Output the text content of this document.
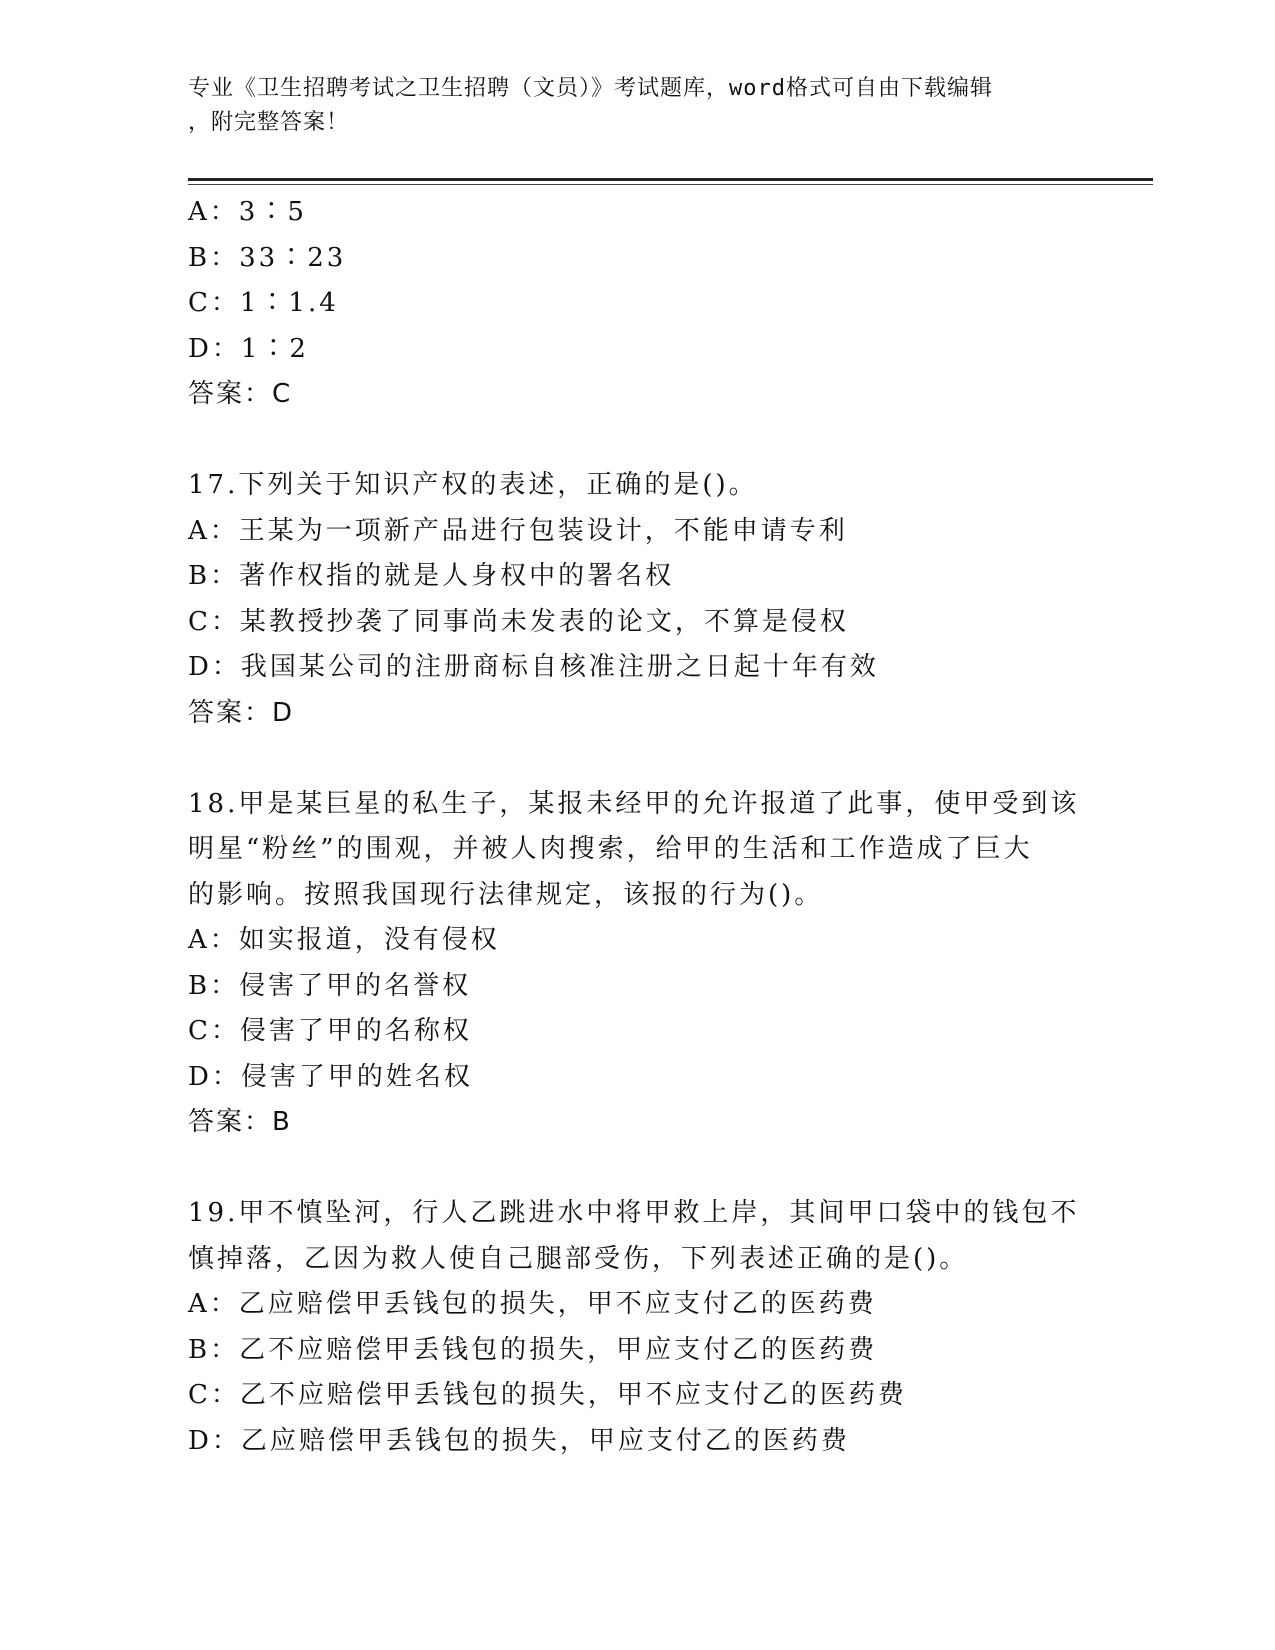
专业《卫生招聘考试之卫生招聘（文员）》考试题库，word格式可自由下载编辑
，附完整答案！
A：3∶5
B：33∶23
C：1∶1.4
D：1∶2
答案：C
17.下列关于知识产权的表述，正确的是()。
A：王某为一项新产品进行包装设计，不能申请专利
B：著作权指的就是人身权中的署名权
C：某教授抄袭了同事尚未发表的论文，不算是侵权
D：我国某公司的注册商标自核准注册之日起十年有效
答案：D
18.甲是某巨星的私生子，某报未经甲的允许报道了此事，使甲受到该
明星“粉丝”的围观，并被人肉搜索，给甲的生活和工作造成了巨大
的影响。按照我国现行法律规定，该报的行为()。
A：如实报道，没有侵权
B：侵害了甲的名誉权
C：侵害了甲的名称权
D：侵害了甲的姓名权
答案：B
19.甲不慎坠河，行人乙跳进水中将甲救上岸，其间甲口袋中的钱包不
慎掉落，乙因为救人使自己腿部受伤，下列表述正确的是()。
A：乙应赔偿甲丢钱包的损失，甲不应支付乙的医药费
B：乙不应赔偿甲丢钱包的损失，甲应支付乙的医药费
C：乙不应赔偿甲丢钱包的损失，甲不应支付乙的医药费
D：乙应赔偿甲丢钱包的损失，甲应支付乙的医药费
